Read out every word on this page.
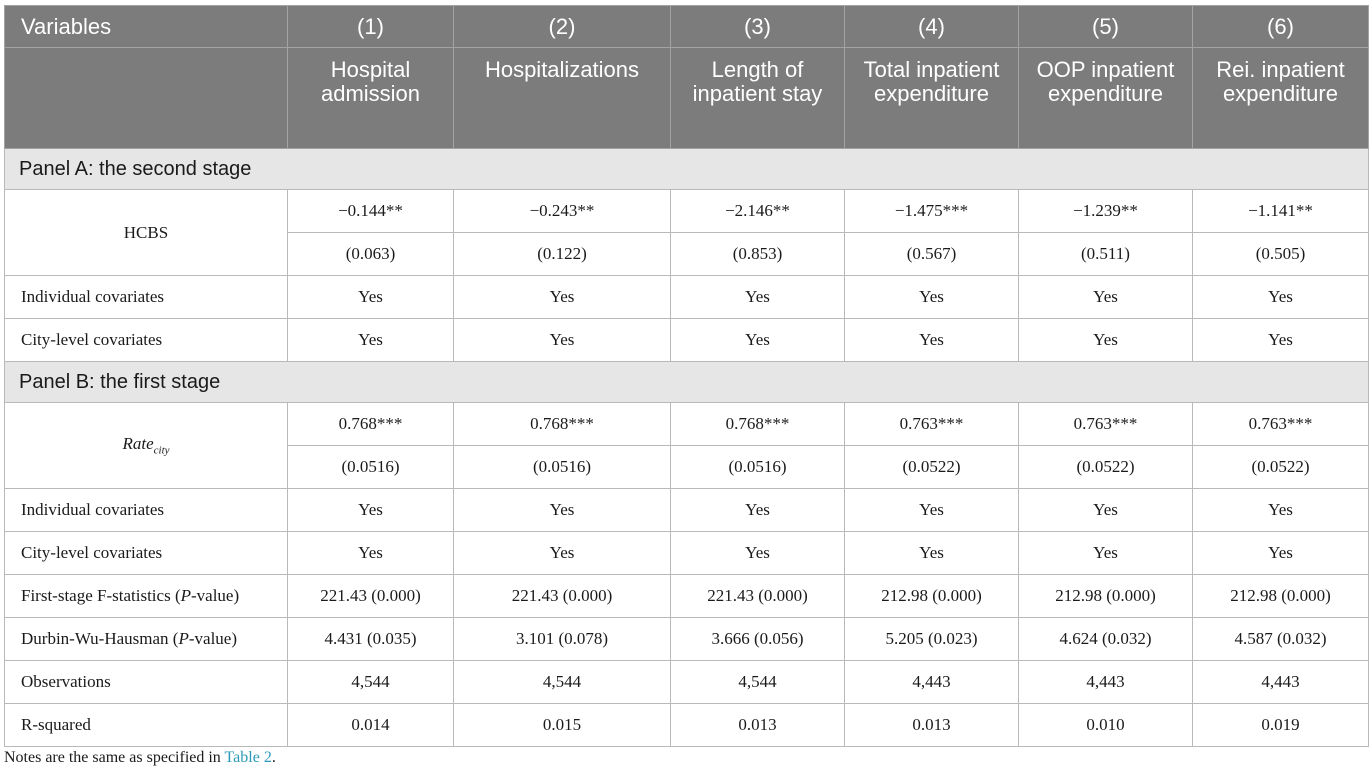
Variables	(1)	(2)	(3)	(4)	(5)	(6)
	Hospital admission	Hospitalizations	Length of inpatient stay	Total inpatient expenditure	OOP inpatient expenditure	Rei. inpatient expenditure
Panel A: the second stage						
HCBS	−0.144**	−0.243**	−2.146**	−1.475***	−1.239**	−1.141**
	(0.063)	(0.122)	(0.853)	(0.567)	(0.511)	(0.505)
Individual covariates	Yes	Yes	Yes	Yes	Yes	Yes
City-level covariates	Yes	Yes	Yes	Yes	Yes	Yes
Panel B: the first stage						
Rate$_{city}$	0.768***	0.768***	0.768***	0.763***	0.763***	0.763***
	(0.0516)	(0.0516)	(0.0516)	(0.0522)	(0.0522)	(0.0522)
Individual covariates	Yes	Yes	Yes	Yes	Yes	Yes
City-level covariates	Yes	Yes	Yes	Yes	Yes	Yes
First-stage F-statistics (P-value)	221.43 (0.000)	221.43 (0.000)	221.43 (0.000)	212.98 (0.000)	212.98 (0.000)	212.98 (0.000)
Durbin-Wu-Hausman (P-value)	4.431 (0.035)	3.101 (0.078)	3.666 (0.056)	5.205 (0.023)	4.624 (0.032)	4.587 (0.032)
Observations	4,544	4,544	4,544	4,443	4,443	4,443
R-squared	0.014	0.015	0.013	0.013	0.010	0.019
Notes are the same as specified in Table 2.
